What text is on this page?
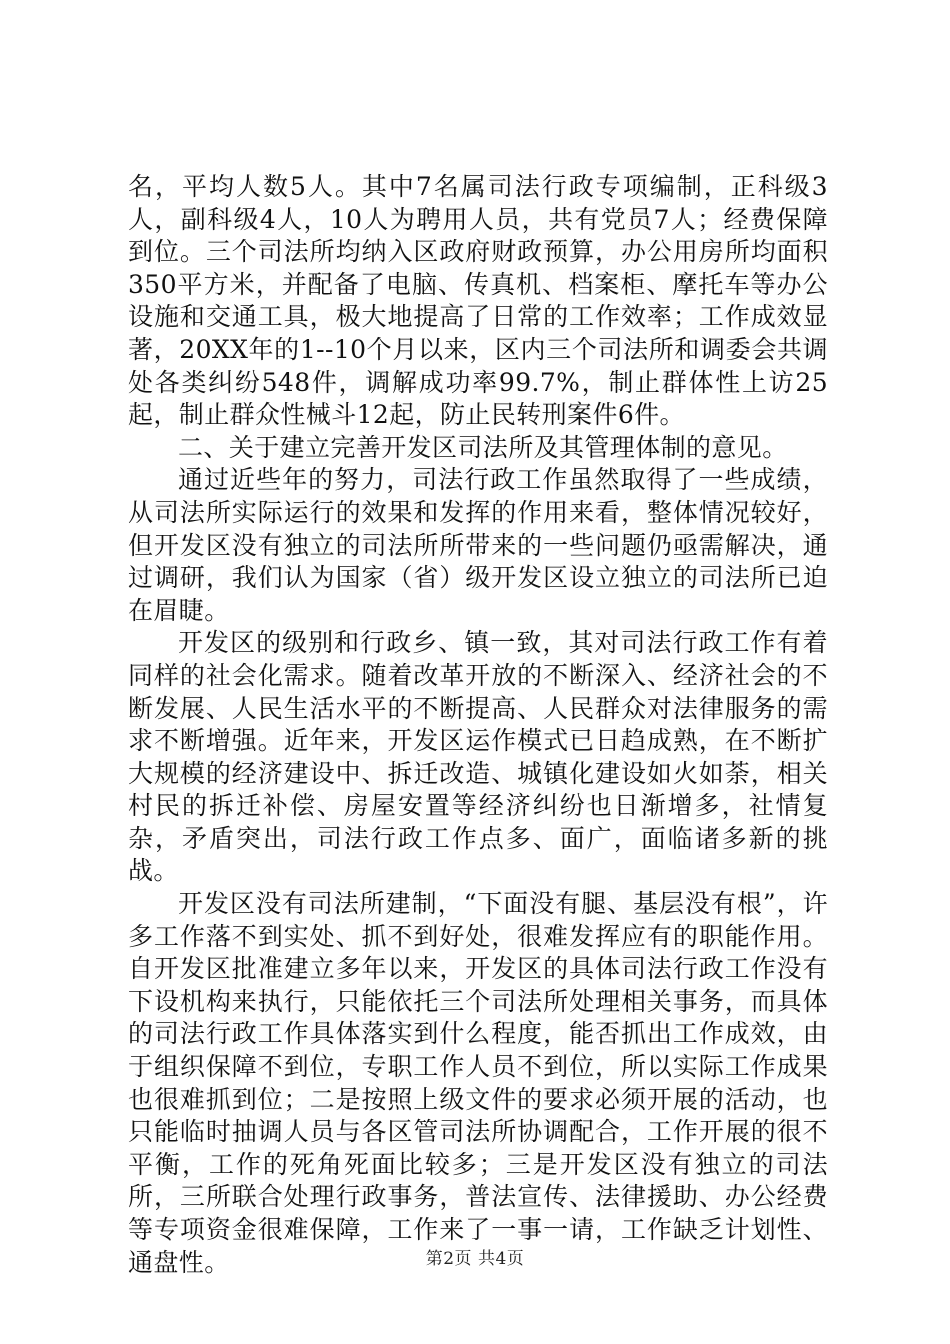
名，平均人数5人。其中7名属司法行政专项编制，正科级3人，副科级4人，10人为聘用人员，共有党员7人；经费保障到位。三个司法所均纳入区政府财政预算，办公用房所均面积350平方米，并配备了电脑、传真机、档案柜、摩托车等办公设施和交通工具，极大地提高了日常的工作效率；工作成效显著，20XX年的1--10个月以来，区内三个司法所和调委会共调处各类纠纷548件，调解成功率99.7%，制止群体性上访25起，制止群众性械斗12起，防止民转刑案件6件。

二、关于建立完善开发区司法所及其管理体制的意见。

通过近些年的努力，司法行政工作虽然取得了一些成绩，从司法所实际运行的效果和发挥的作用来看，整体情况较好，但开发区没有独立的司法所所带来的一些问题仍亟需解决，通过调研，我们认为国家（省）级开发区设立独立的司法所已迫在眉睫。

开发区的级别和行政乡、镇一致，其对司法行政工作有着同样的社会化需求。随着改革开放的不断深入、经济社会的不断发展、人民生活水平的不断提高、人民群众对法律服务的需求不断增强。近年来，开发区运作模式已日趋成熟，在不断扩大规模的经济建设中、拆迁改造、城镇化建设如火如荼，相关村民的拆迁补偿、房屋安置等经济纠纷也日渐增多，社情复杂，矛盾突出，司法行政工作点多、面广，面临诸多新的挑战。

开发区没有司法所建制，“下面没有腿、基层没有根”，许多工作落不到实处、抓不到好处，很难发挥应有的职能作用。自开发区批准建立多年以来，开发区的具体司法行政工作没有下设机构来执行，只能依托三个司法所处理相关事务，而具体的司法行政工作具体落实到什么程度，能否抓出工作成效，由于组织保障不到位，专职工作人员不到位，所以实际工作成果也很难抓到位；二是按照上级文件的要求必须开展的活动，也只能临时抽调人员与各区管司法所协调配合，工作开展的很不平衡，工作的死角死面比较多；三是开发区没有独立的司法所，三所联合处理行政事务，普法宣传、法律援助、办公经费等专项资金很难保障，工作来了一事一请，工作缺乏计划性、通盘性。	第2页 共4页
